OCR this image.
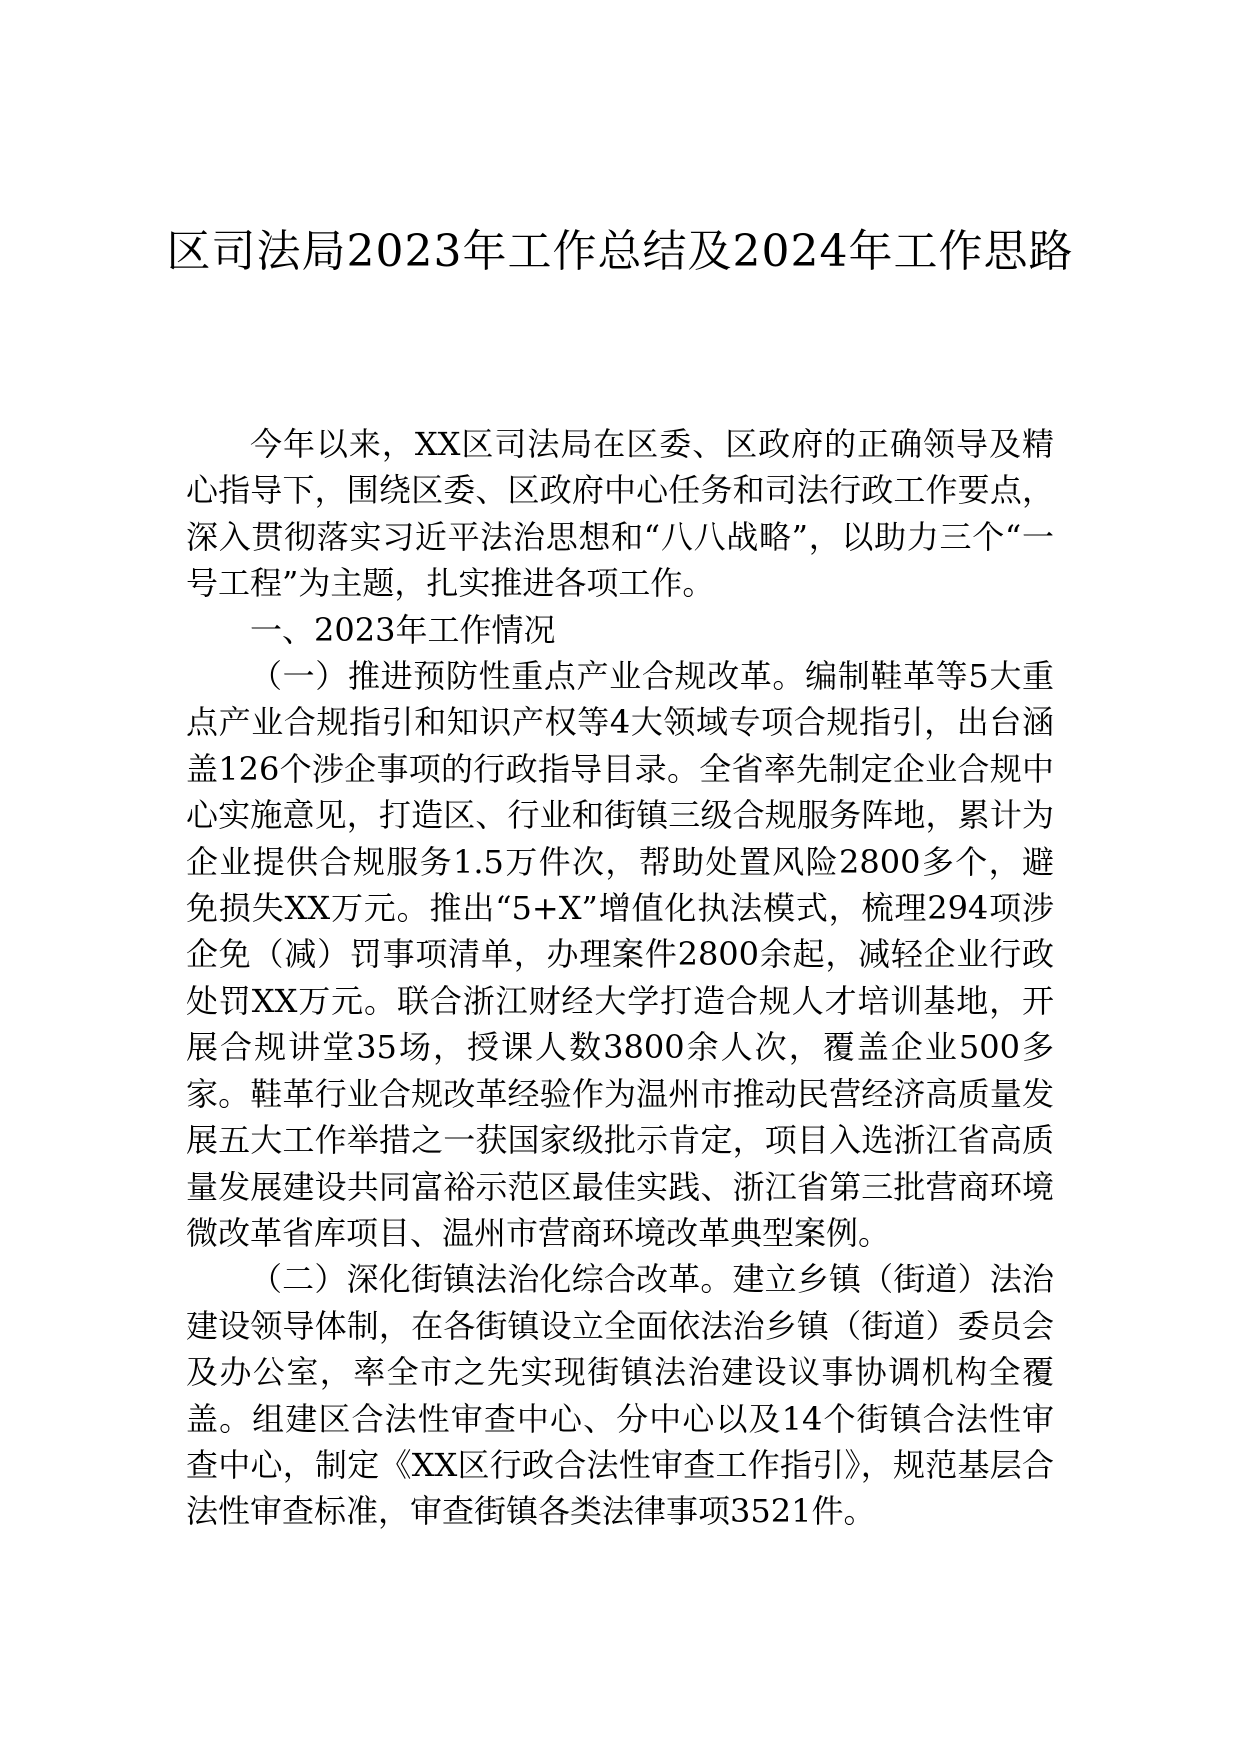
区司法局2023年工作总结及2024年工作思路

今年以来，XX区司法局在区委、区政府的正确领导及精心指导下，围绕区委、区政府中心任务和司法行政工作要点，深入贯彻落实习近平法治思想和“八八战略”，以助力三个“一号工程”为主题，扎实推进各项工作。

一、2023年工作情况

（一）推进预防性重点产业合规改革。编制鞋革等5大重点产业合规指引和知识产权等4大领域专项合规指引，出台涵盖126个涉企事项的行政指导目录。全省率先制定企业合规中心实施意见，打造区、行业和街镇三级合规服务阵地，累计为企业提供合规服务1.5万件次，帮助处置风险2800多个，避免损失XX万元。推出“5+X”增值化执法模式，梳理294项涉企免（减）罚事项清单，办理案件2800余起，减轻企业行政处罚XX万元。联合浙江财经大学打造合规人才培训基地，开展合规讲堂35场，授课人数3800余人次，覆盖企业500多家。鞋革行业合规改革经验作为温州市推动民营经济高质量发展五大工作举措之一获国家级批示肯定，项目入选浙江省高质量发展建设共同富裕示范区最佳实践、浙江省第三批营商环境微改革省库项目、温州市营商环境改革典型案例。

（二）深化街镇法治化综合改革。建立乡镇（街道）法治建设领导体制，在各街镇设立全面依法治乡镇（街道）委员会及办公室，率全市之先实现街镇法治建设议事协调机构全覆盖。组建区合法性审查中心、分中心以及14个街镇合法性审查中心，制定《XX区行政合法性审查工作指引》，规范基层合法性审查标准，审查街镇各类法律事项3521件。
